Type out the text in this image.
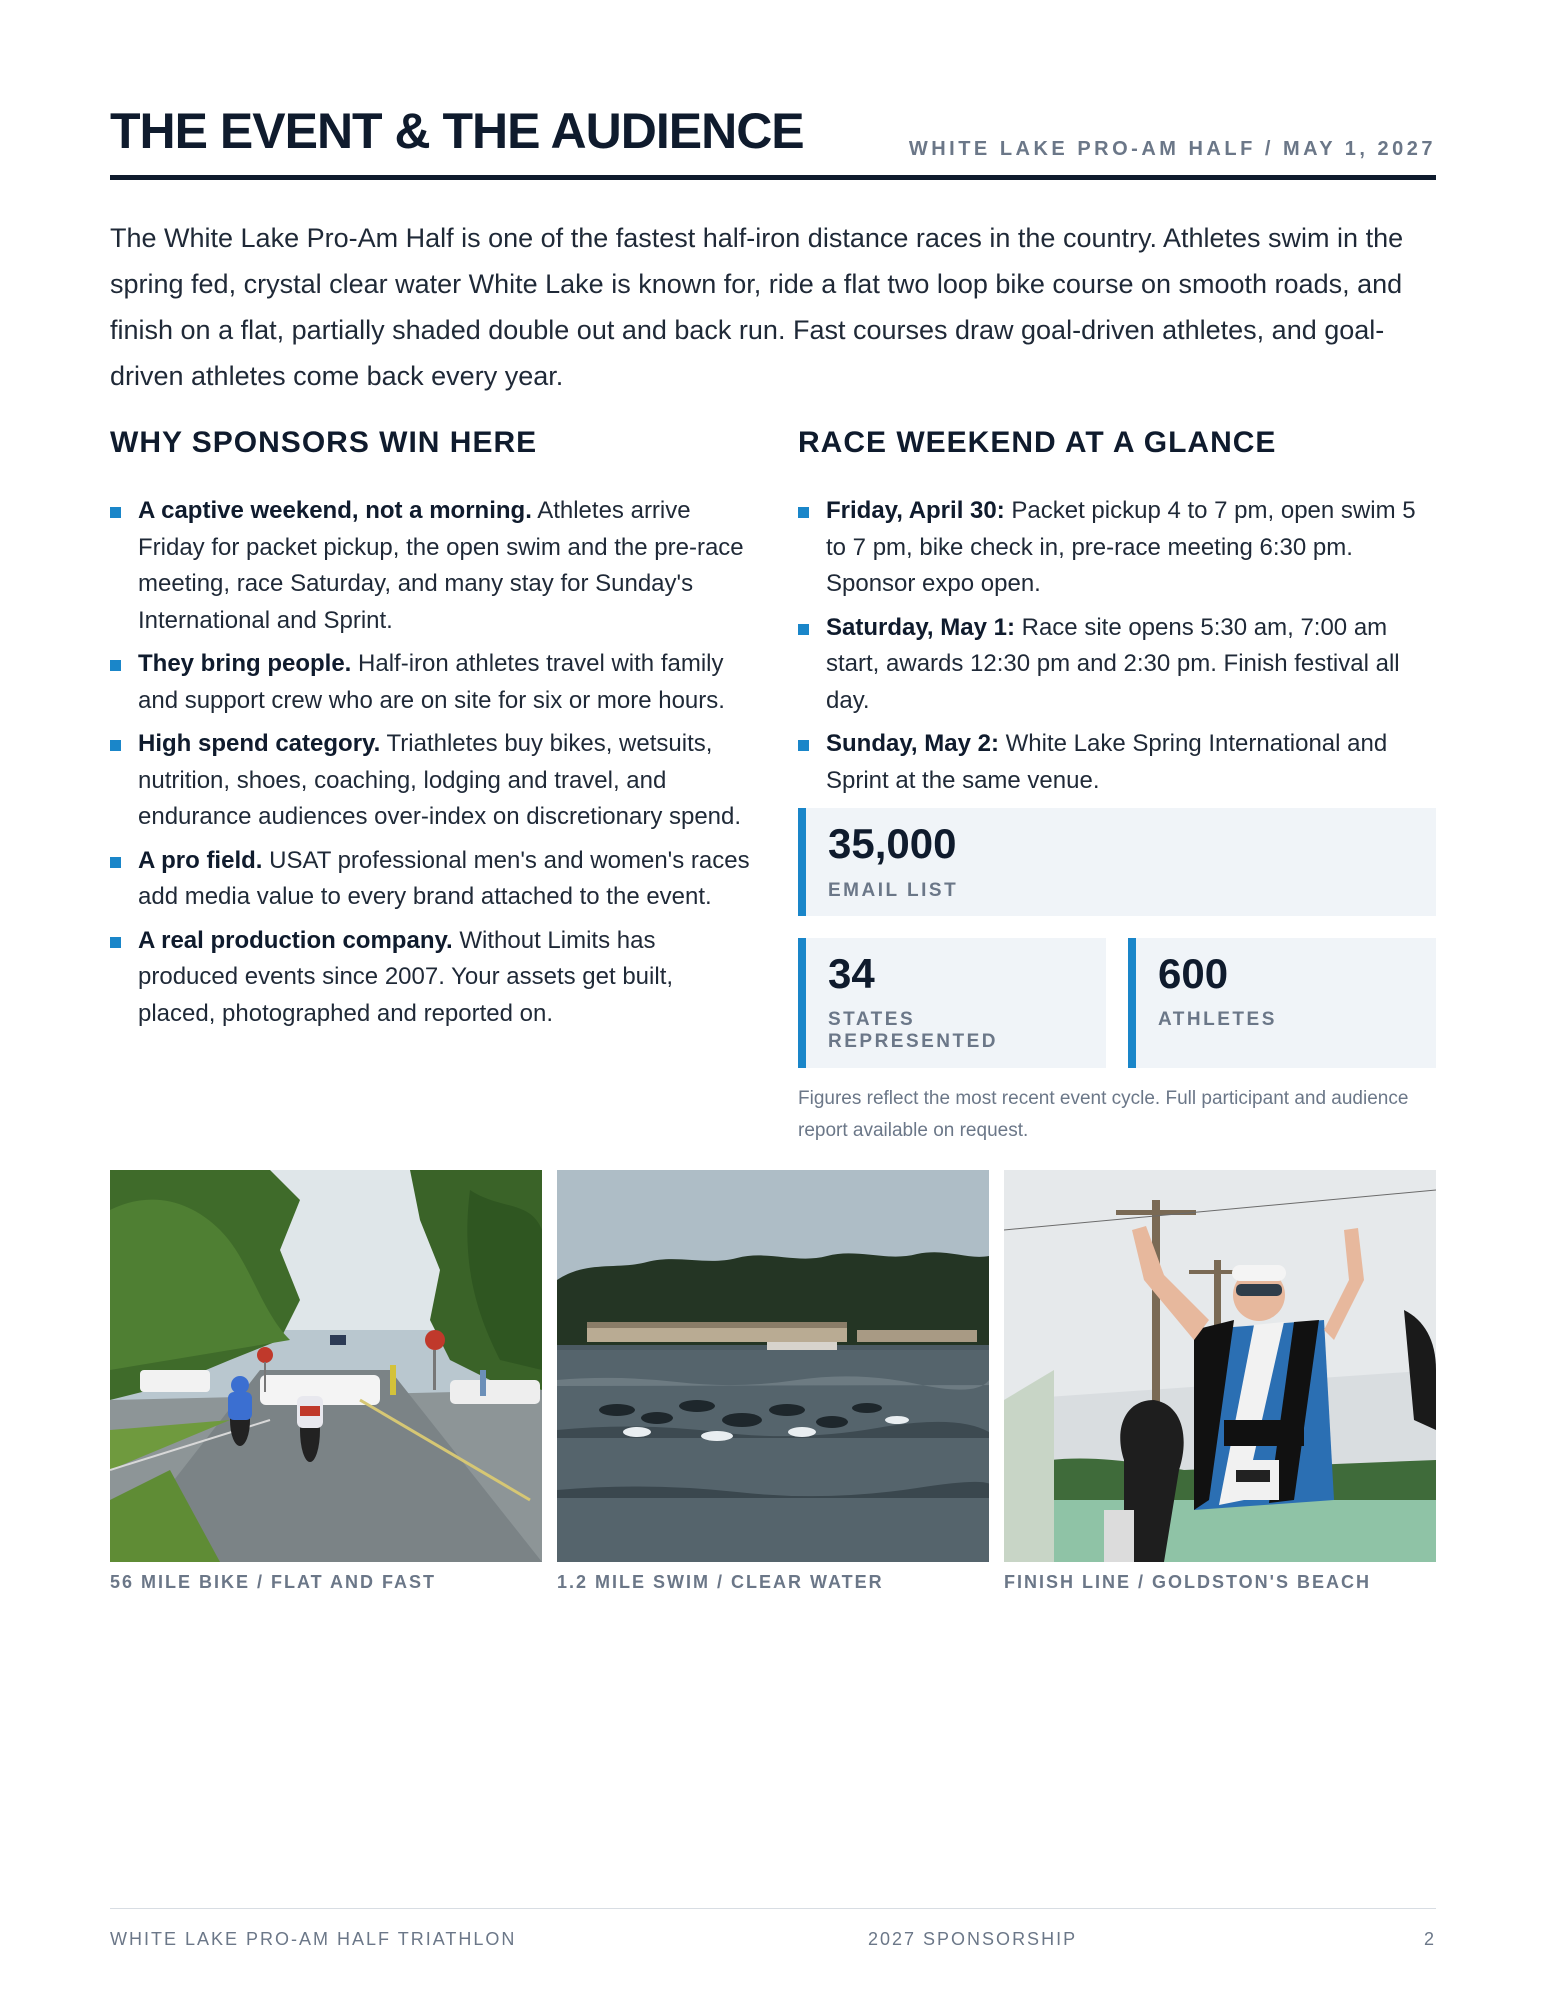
THE EVENT & THE AUDIENCE	WHITE LAKE PRO-AM HALF / MAY 1, 2027

The White Lake Pro-Am Half is one of the fastest half-iron distance races in the country. Athletes swim in the spring fed, crystal clear water White Lake is known for, ride a flat two loop bike course on smooth roads, and finish on a flat, partially shaded double out and back run. Fast courses draw goal-driven athletes, and goal-driven athletes come back every year.

WHY SPONSORS WIN HERE
A captive weekend, not a morning. Athletes arrive Friday for packet pickup, the open swim and the pre-race meeting, race Saturday, and many stay for Sunday's International and Sprint.
They bring people. Half-iron athletes travel with family and support crew who are on site for six or more hours.
High spend category. Triathletes buy bikes, wetsuits, nutrition, shoes, coaching, lodging and travel, and endurance audiences over-index on discretionary spend.
A pro field. USAT professional men's and women's races add media value to every brand attached to the event.
A real production company. Without Limits has produced events since 2007. Your assets get built, placed, photographed and reported on.
RACE WEEKEND AT A GLANCE
Friday, April 30: Packet pickup 4 to 7 pm, open swim 5 to 7 pm, bike check in, pre-race meeting 6:30 pm. Sponsor expo open.
Saturday, May 1: Race site opens 5:30 am, 7:00 am start, awards 12:30 pm and 2:30 pm. Finish festival all day.
Sunday, May 2: White Lake Spring International and Sprint at the same venue.
35,000
EMAIL LIST
34
STATES REPRESENTED
600
ATHLETES

Figures reflect the most recent event cycle. Full participant and audience report available on request.

56 MILE BIKE / FLAT AND FAST	1.2 MILE SWIM / CLEAR WATER	FINISH LINE / GOLDSTON'S BEACH
WHITE LAKE PRO-AM HALF TRIATHLON	2027 SPONSORSHIP	2
